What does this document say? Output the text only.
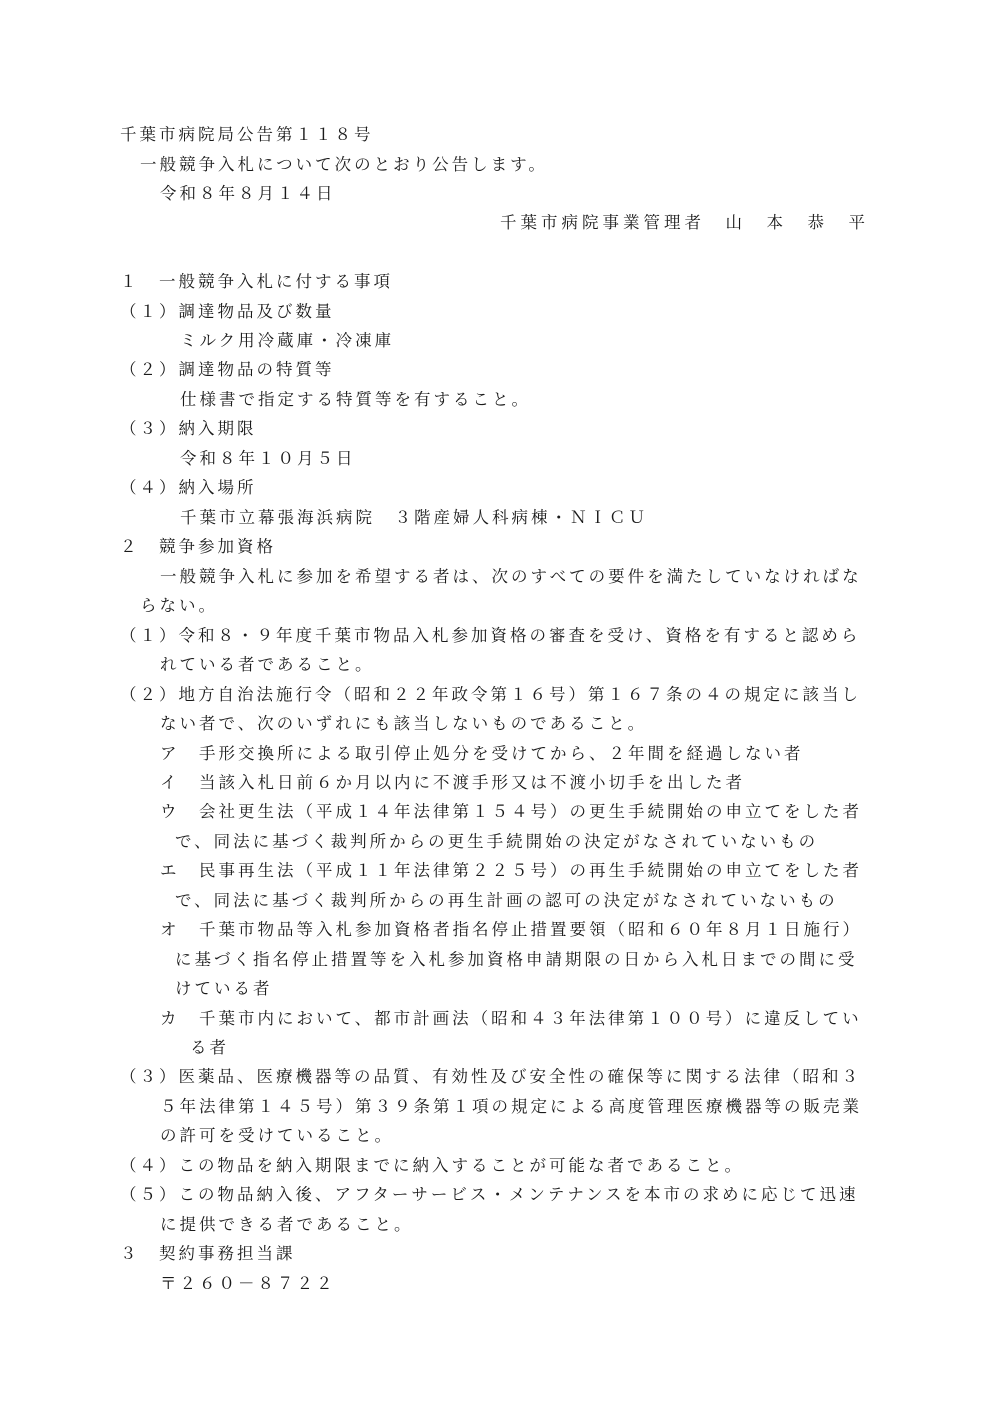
千葉市病院局公告第１１８号
一般競争入札について次のとおり公告します。
令和８年８月１４日
千葉市病院事業管理者　山　本　恭　平
１　一般競争入札に付する事項
（１）調達物品及び数量
ミルク用冷蔵庫・冷凍庫
（２）調達物品の特質等
仕様書で指定する特質等を有すること。
（３）納入期限
令和８年１０月５日
（４）納入場所
千葉市立幕張海浜病院　３階産婦人科病棟・ＮＩＣＵ
２　競争参加資格
一般競争入札に参加を希望する者は、次のすべての要件を満たしていなければな
らない。
（１）令和８・９年度千葉市物品入札参加資格の審査を受け、資格を有すると認めら
れている者であること。
（２）地方自治法施行令（昭和２２年政令第１６号）第１６７条の４の規定に該当し
ない者で、次のいずれにも該当しないものであること。
ア　手形交換所による取引停止処分を受けてから、２年間を経過しない者
イ　当該入札日前６か月以内に不渡手形又は不渡小切手を出した者
ウ　会社更生法（平成１４年法律第１５４号）の更生手続開始の申立てをした者
で、同法に基づく裁判所からの更生手続開始の決定がなされていないもの
エ　民事再生法（平成１１年法律第２２５号）の再生手続開始の申立てをした者
で、同法に基づく裁判所からの再生計画の認可の決定がなされていないもの
オ　千葉市物品等入札参加資格者指名停止措置要領（昭和６０年８月１日施行）
に基づく指名停止措置等を入札参加資格申請期限の日から入札日までの間に受
けている者
カ　千葉市内において、都市計画法（昭和４３年法律第１００号）に違反してい
る者
（３）医薬品、医療機器等の品質、有効性及び安全性の確保等に関する法律（昭和３
５年法律第１４５号）第３９条第１項の規定による高度管理医療機器等の販売業
の許可を受けていること。
（４）この物品を納入期限までに納入することが可能な者であること。
（５）この物品納入後、アフターサービス・メンテナンスを本市の求めに応じて迅速
に提供できる者であること。
３　契約事務担当課
〒２６０－８７２２
